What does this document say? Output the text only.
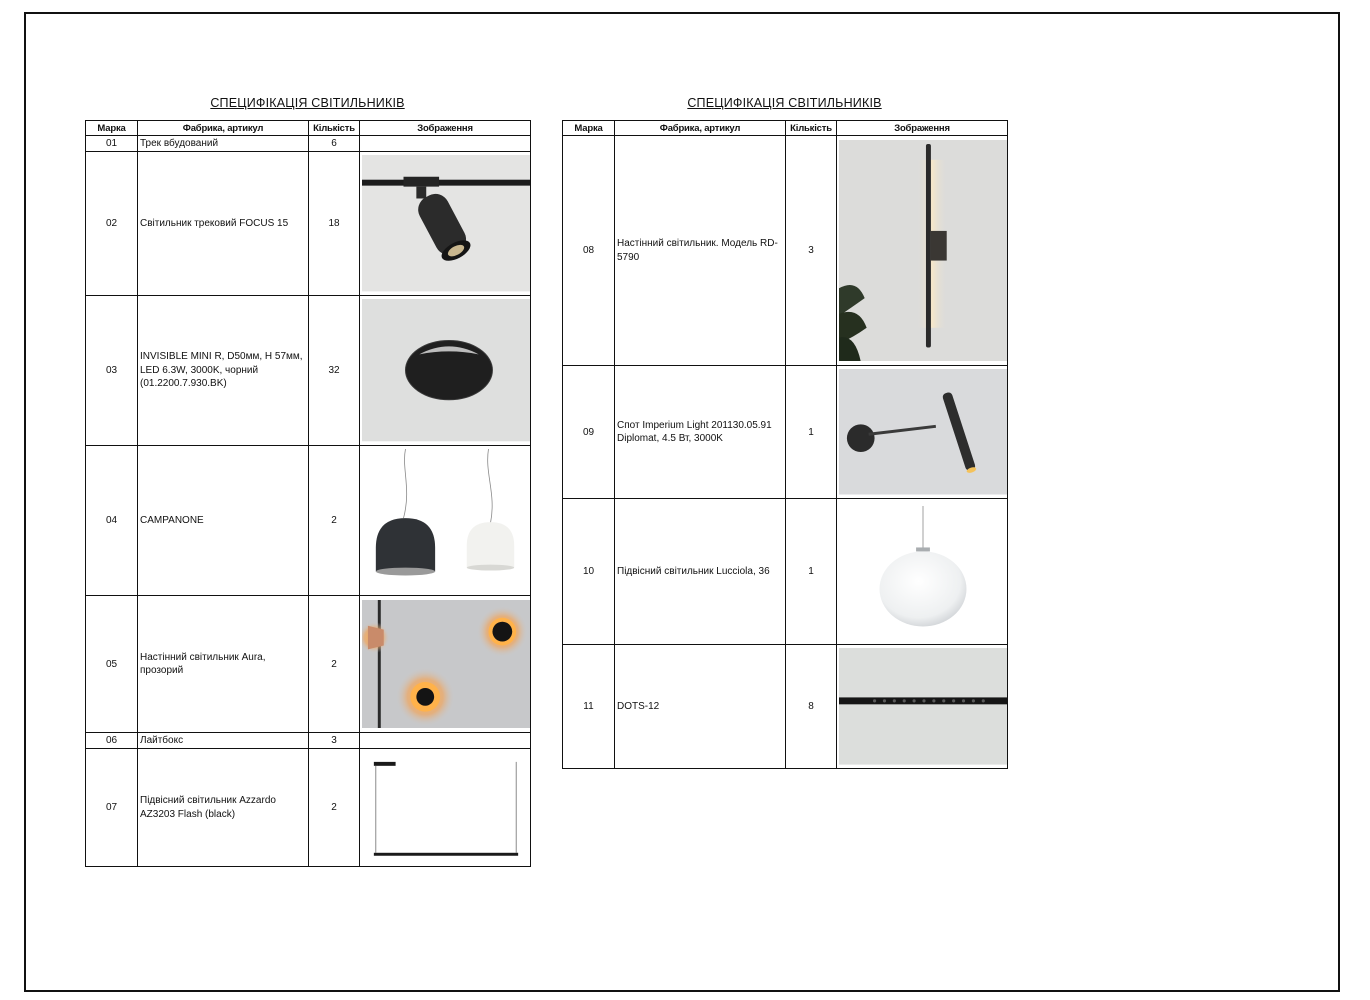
СПЕЦИФІКАЦІЯ СВІТИЛЬНИКІВ
Марка	Фабрика, артикул	Кількість	Зображення
01	Трек вбудований	6	
02	Світильник трековий FOCUS 15	18	

03	INVISIBLE MINI R, D50мм, H 57мм, LED 6.3W, 3000K, чорний (01.2200.7.930.BK)	32	

04	CAMPANONE	2	

05	Настінний світильник Aura, прозорий	2	

06	Лайтбокс	3	
07	Підвісний світильник Azzardo AZ3203 Flash (black)	2	
СПЕЦИФІКАЦІЯ СВІТИЛЬНИКІВ
Марка	Фабрика, артикул	Кількість	Зображення
08	Настінний світильник. Модель RD-5790	3	

09	Спот Imperium Light 201130.05.91 Diplomat, 4.5 Вт, 3000K	1	

10	Підвісний світильник Lucciola, 36	1	

11	DOTS-12	8	
